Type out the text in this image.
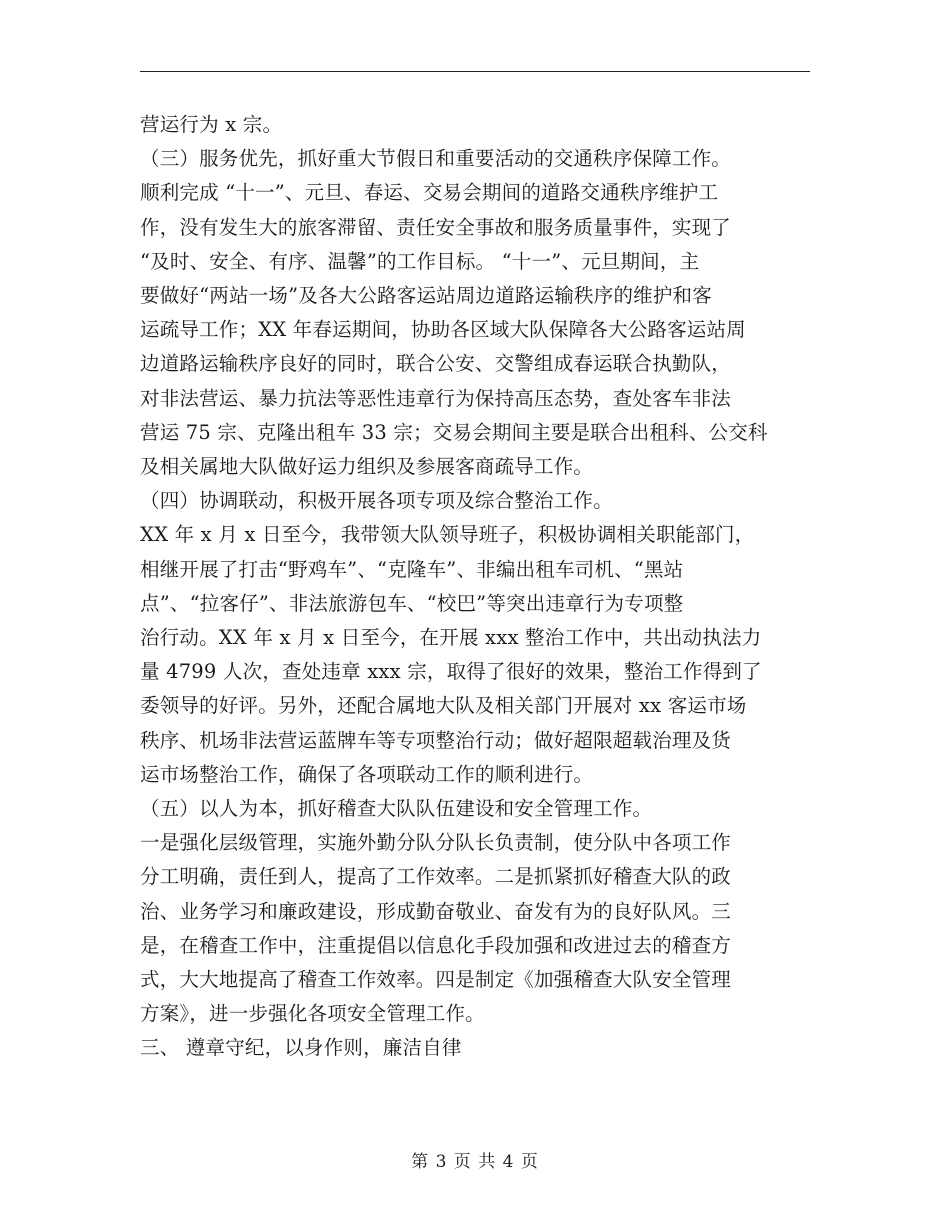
营运行为 x 宗。
（三）服务优先，抓好重大节假日和重要活动的交通秩序保障工作。
顺利完成 “十一”、元旦、春运、交易会期间的道路交通秩序维护工
作，没有发生大的旅客滞留、责任安全事故和服务质量事件，实现了
“及时、安全、有序、温馨”的工作目标。 “十一”、元旦期间，主
要做好“两站一场”及各大公路客运站周边道路运输秩序的维护和客
运疏导工作；XX 年春运期间，协助各区域大队保障各大公路客运站周
边道路运输秩序良好的同时，联合公安、交警组成春运联合执勤队，
对非法营运、暴力抗法等恶性违章行为保持高压态势，查处客车非法
营运 75 宗、克隆出租车 33 宗；交易会期间主要是联合出租科、公交科
及相关属地大队做好运力组织及参展客商疏导工作。
（四）协调联动，积极开展各项专项及综合整治工作。
XX 年 x 月 x 日至今，我带领大队领导班子，积极协调相关职能部门，
相继开展了打击“野鸡车”、“克隆车”、非编出租车司机、“黑站
点”、“拉客仔”、非法旅游包车、“校巴”等突出违章行为专项整
治行动。XX 年 x 月 x 日至今，在开展 xxx 整治工作中，共出动执法力
量 4799 人次，查处违章 xxx 宗，取得了很好的效果，整治工作得到了
委领导的好评。另外，还配合属地大队及相关部门开展对 xx 客运市场
秩序、机场非法营运蓝牌车等专项整治行动；做好超限超载治理及货
运市场整治工作，确保了各项联动工作的顺利进行。
（五）以人为本，抓好稽查大队队伍建设和安全管理工作。
一是强化层级管理，实施外勤分队分队长负责制，使分队中各项工作
分工明确，责任到人，提高了工作效率。二是抓紧抓好稽查大队的政
治、业务学习和廉政建设，形成勤奋敬业、奋发有为的良好队风。三
是，在稽查工作中，注重提倡以信息化手段加强和改进过去的稽查方
式，大大地提高了稽查工作效率。四是制定《加强稽查大队安全管理
方案》，进一步强化各项安全管理工作。
三、 遵章守纪，以身作则，廉洁自律
第 3 页 共 4 页
